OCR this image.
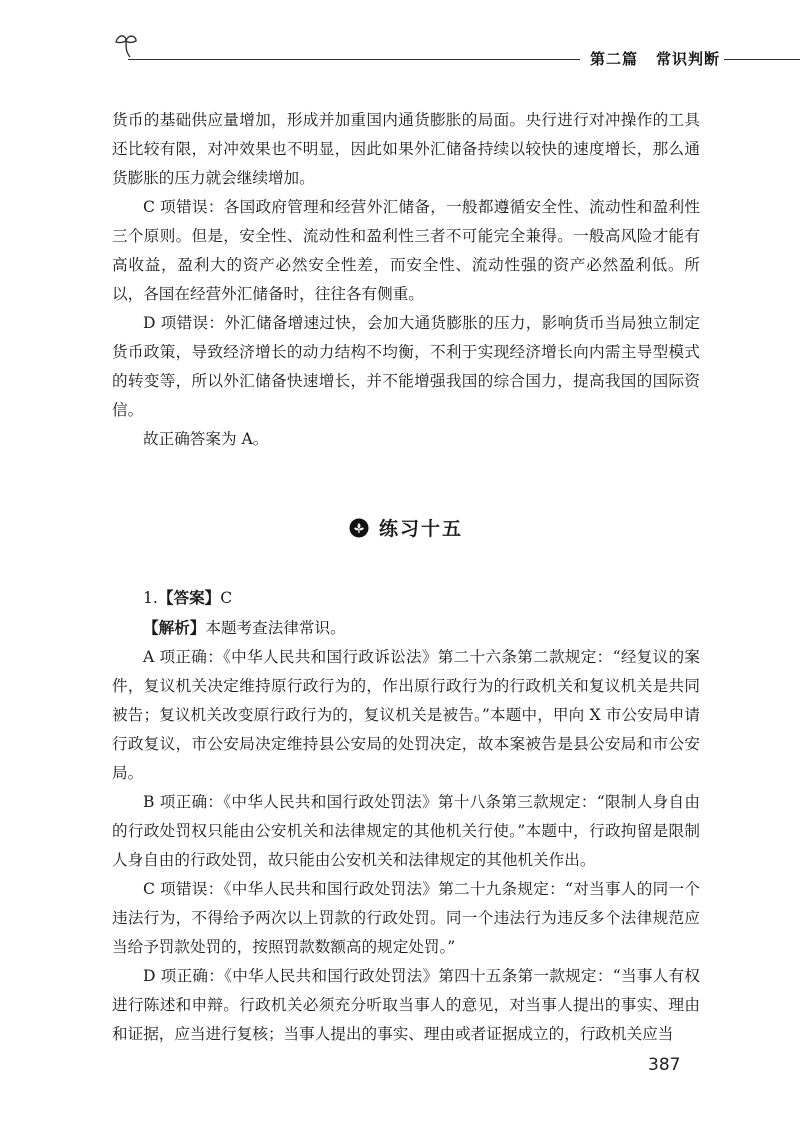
第二篇 常识判断

货币的基础供应量增加，形成并加重国内通货膨胀的局面。央行进行对冲操作的工具还比较有限，对冲效果也不明显，因此如果外汇储备持续以较快的速度增长，那么通货膨胀的压力就会继续增加。

C 项错误：各国政府管理和经营外汇储备，一般都遵循安全性、流动性和盈利性三个原则。但是，安全性、流动性和盈利性三者不可能完全兼得。一般高风险才能有高收益，盈利大的资产必然安全性差，而安全性、流动性强的资产必然盈利低。所以，各国在经营外汇储备时，往往各有侧重。

D 项错误：外汇储备增速过快，会加大通货膨胀的压力，影响货币当局独立制定货币政策，导致经济增长的动力结构不均衡，不利于实现经济增长向内需主导型模式的转变等，所以外汇储备快速增长，并不能增强我国的综合国力，提高我国的国际资信。

故正确答案为 A。

练习十五

1.【答案】C

【解析】本题考查法律常识。

A 项正确：《中华人民共和国行政诉讼法》第二十六条第二款规定：“经复议的案件，复议机关决定维持原行政行为的，作出原行政行为的行政机关和复议机关是共同被告；复议机关改变原行政行为的，复议机关是被告。”本题中，甲向 X 市公安局申请行政复议，市公安局决定维持县公安局的处罚决定，故本案被告是县公安局和市公安局。

B 项正确：《中华人民共和国行政处罚法》第十八条第三款规定：“限制人身自由的行政处罚权只能由公安机关和法律规定的其他机关行使。”本题中，行政拘留是限制人身自由的行政处罚，故只能由公安机关和法律规定的其他机关作出。

C 项错误：《中华人民共和国行政处罚法》第二十九条规定：“对当事人的同一个违法行为，不得给予两次以上罚款的行政处罚。同一个违法行为违反多个法律规范应当给予罚款处罚的，按照罚款数额高的规定处罚。”

D 项正确：《中华人民共和国行政处罚法》第四十五条第一款规定：“当事人有权进行陈述和申辩。行政机关必须充分听取当事人的意见，对当事人提出的事实、理由和证据，应当进行复核；当事人提出的事实、理由或者证据成立的，行政机关应当

387
